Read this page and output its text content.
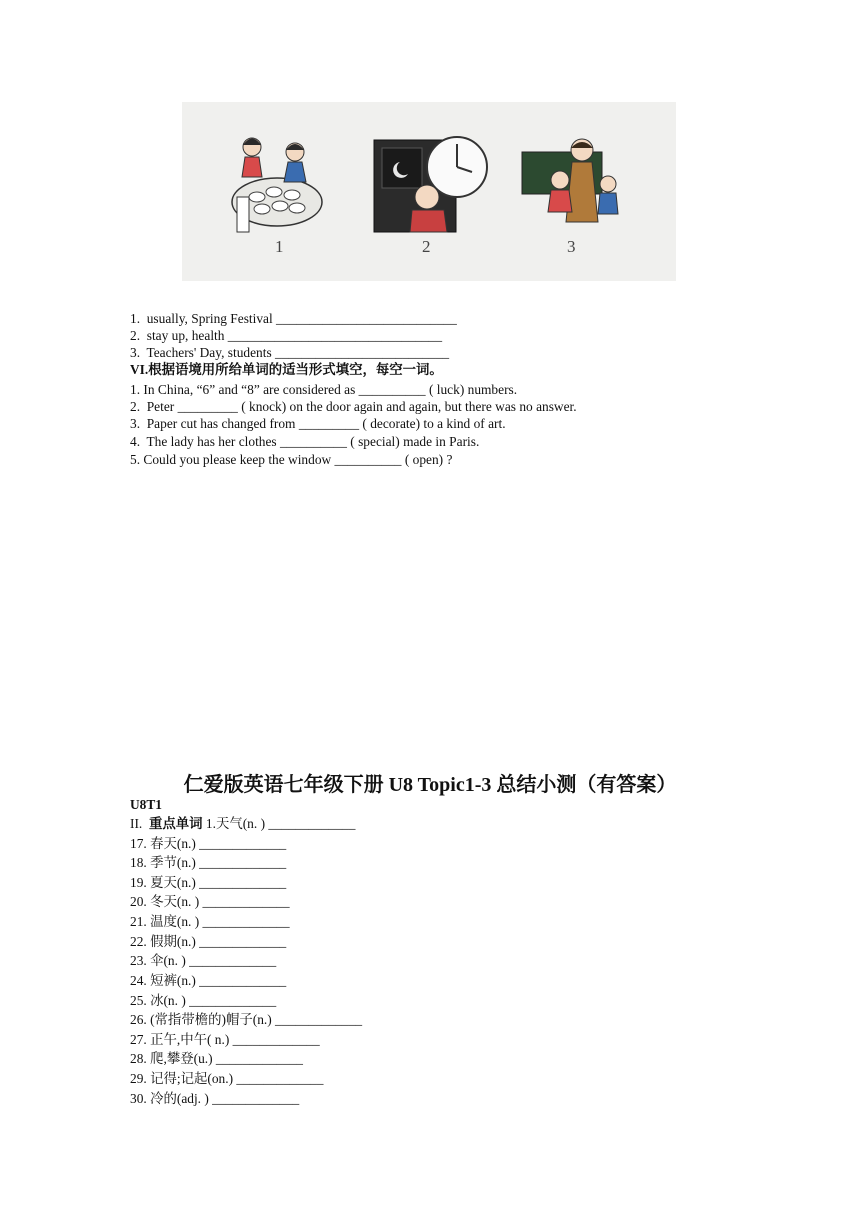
1	2	3
1.  usually, Spring Festival ___________________________
2.  stay up, health ________________________________
3.  Teachers' Day, students __________________________
VI.根据语境用所给单词的适当形式填空，每空一词。
1. In China, “6” and “8” are considered as __________ ( luck) numbers.
2.  Peter _________ ( knock) on the door again and again, but there was no answer.
3.  Paper cut has changed from _________ ( decorate) to a kind of art.
4.  The lady has her clothes __________ ( special) made in Paris.
5. Could you please keep the window __________ ( open) ?
仁爱版英语七年级下册 U8 Topic1-3 总结小测（有答案）
U8T1
II. 重点单词 1.天气(n. ) _____________
17. 春天(n.) _____________
18. 季节(n.) _____________
19. 夏天(n.) _____________
20. 冬天(n. ) _____________
21. 温度(n. ) _____________
22. 假期(n.) _____________
23. 伞(n. ) _____________
24. 短裤(n.) _____________
25. 冰(n. ) _____________
26. (常指带檐的)帽子(n.) _____________
27. 正午,中午( n.) _____________
28. 爬,攀登(u.) _____________
29. 记得;记起(on.) _____________
30. 冷的(adj. ) _____________
